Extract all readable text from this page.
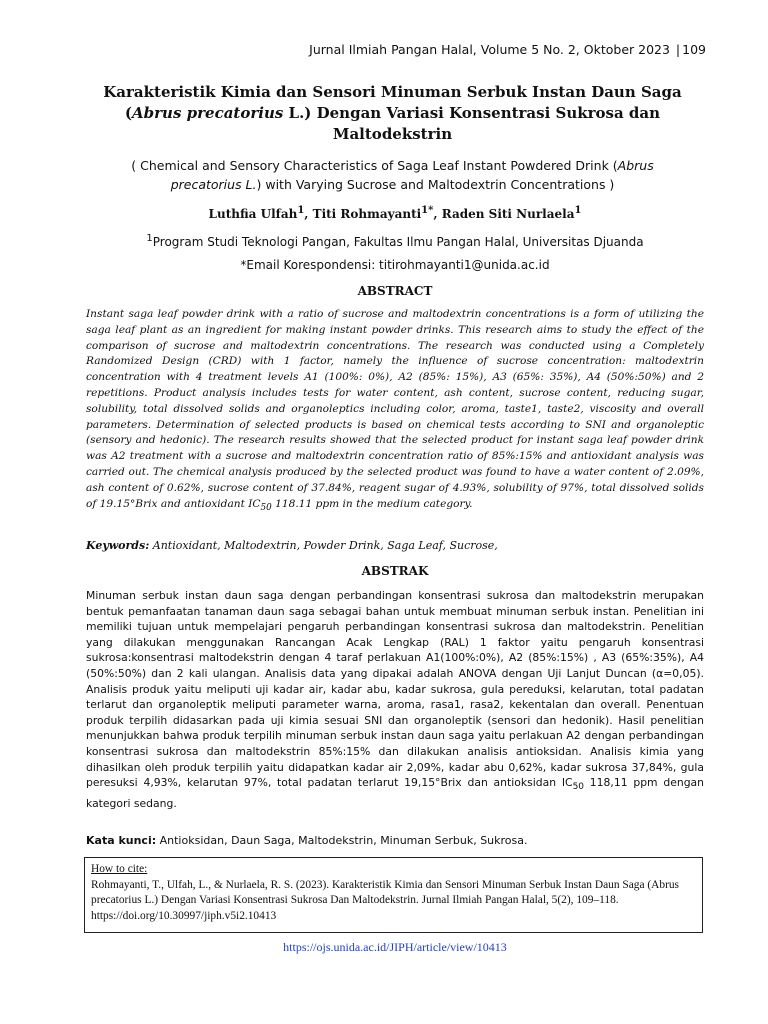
Jurnal Ilmiah Pangan Halal, Volume 5 No. 2, Oktober 2023 | 109
Karakteristik Kimia dan Sensori Minuman Serbuk Instan Daun Saga
(Abrus precatorius L.) Dengan Variasi Konsentrasi Sukrosa dan
Maltodekstrin
( Chemical and Sensory Characteristics of Saga Leaf Instant Powdered Drink (Abrus
precatorius L.) with Varying Sucrose and Maltodextrin Concentrations )
Luthfia Ulfah$^1$, Titi Rohmayanti$^{1*}$, Raden Siti Nurlaela$^1$
$^1$Program Studi Teknologi Pangan, Fakultas Ilmu Pangan Halal, Universitas Djuanda
*Email Korespondensi: titirohmayanti1@unida.ac.id
ABSTRACT
Instant saga leaf powder drink with a ratio of sucrose and maltodextrin concentrations is a form of utilizing the saga leaf plant as an ingredient for making instant powder drinks. This research aims to study the effect of the comparison of sucrose and maltodextrin concentrations. The research was conducted using a Completely Randomized Design (CRD) with 1 factor, namely the influence of sucrose concentration: maltodextrin concentration with 4 treatment levels A1 (100%: 0%), A2 (85%: 15%), A3 (65%: 35%), A4 (50%:50%) and 2 repetitions. Product analysis includes tests for water content, ash content, sucrose content, reducing sugar, solubility, total dissolved solids and organoleptics including color, aroma, taste1, taste2, viscosity and overall parameters. Determination of selected products is based on chemical tests according to SNI and organoleptic (sensory and hedonic). The research results showed that the selected product for instant saga leaf powder drink was A2 treatment with a sucrose and maltodextrin concentration ratio of 85%:15% and antioxidant analysis was carried out. The chemical analysis produced by the selected product was found to have a water content of 2.09%, ash content of 0.62%, sucrose content of 37.84%, reagent sugar of 4.93%, solubility of 97%, total dissolved solids of 19.15°Brix and antioxidant $IC_{50}$ 118.11 ppm in the medium category.
Keywords: Antioxidant, Maltodextrin, Powder Drink, Saga Leaf, Sucrose,
ABSTRAK
Minuman serbuk instan daun saga dengan perbandingan konsentrasi sukrosa dan maltodekstrin merupakan bentuk pemanfaatan tanaman daun saga sebagai bahan untuk membuat minuman serbuk instan. Penelitian ini memiliki tujuan untuk mempelajari pengaruh perbandingan konsentrasi sukrosa dan maltodekstrin. Penelitian yang dilakukan menggunakan Rancangan Acak Lengkap (RAL) 1 faktor yaitu pengaruh konsentrasi sukrosa:konsentrasi maltodekstrin dengan 4 taraf perlakuan A1(100%:0%), A2 (85%:15%) , A3 (65%:35%), A4 (50%:50%) dan 2 kali ulangan. Analisis data yang dipakai adalah ANOVA dengan Uji Lanjut Duncan (α=0,05). Analisis produk yaitu meliputi uji kadar air, kadar abu, kadar sukrosa, gula pereduksi, kelarutan, total padatan terlarut dan organoleptik meliputi parameter warna, aroma, rasa1, rasa2, kekentalan dan overall. Penentuan produk terpilih didasarkan pada uji kimia sesuai SNI dan organoleptik (sensori dan hedonik). Hasil penelitian menunjukkan bahwa produk terpilih minuman serbuk instan daun saga yaitu perlakuan A2 dengan perbandingan konsentrasi sukrosa dan maltodekstrin 85%:15% dan dilakukan analisis antioksidan. Analisis kimia yang dihasilkan oleh produk terpilih yaitu didapatkan kadar air 2,09%, kadar abu 0,62%, kadar sukrosa 37,84%, gula peresuksi 4,93%, kelarutan 97%, total padatan terlarut 19,15°Brix dan antioksidan $IC_{50}$ 118,11 ppm dengan kategori sedang.
Kata kunci: Antioksidan, Daun Saga, Maltodekstrin, Minuman Serbuk, Sukrosa.
How to cite:
Rohmayanti, T., Ulfah, L., & Nurlaela, R. S. (2023). Karakteristik Kimia dan Sensori Minuman Serbuk Instan Daun Saga (Abrus precatorius L.) Dengan Variasi Konsentrasi Sukrosa Dan Maltodekstrin. Jurnal Ilmiah Pangan Halal, 5(2), 109–118. https://doi.org/10.30997/jiph.v5i2.10413
https://ojs.unida.ac.id/JIPH/article/view/10413
